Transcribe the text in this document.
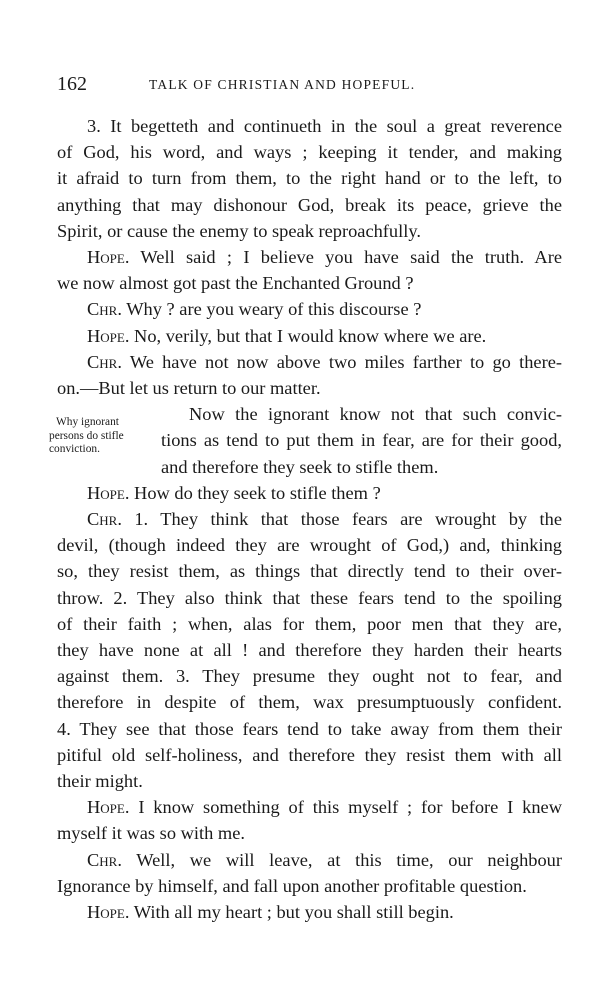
162	TALK OF CHRISTIAN AND HOPEFUL.

3. It begetteth and continueth in the soul a great reverence
of God, his word, and ways ; keeping it tender, and making
it afraid to turn from them, to the right hand or to the left, to
anything that may dishonour God, break its peace, grieve the
Spirit, or cause the enemy to speak reproachfully.

Hope. Well said ; I believe you have said the truth. Are
we now almost got past the Enchanted Ground ?

Chr. Why ? are you weary of this discourse ?

Hope. No, verily, but that I would know where we are.

Chr. We have not now above two miles farther to go there-
on.—But let us return to our matter.

Why ignorant
persons do stifle
conviction.
Now the ignorant know not that such convic-
tions as tend to put them in fear, are for their good,
and therefore they seek to stifle them.

Hope. How do they seek to stifle them ?

Chr. 1. They think that those fears are wrought by the
devil, (though indeed they are wrought of God,) and, thinking
so, they resist them, as things that directly tend to their over-
throw. 2. They also think that these fears tend to the spoiling
of their faith ; when, alas for them, poor men that they are,
they have none at all ! and therefore they harden their hearts
against them. 3. They presume they ought not to fear, and
therefore in despite of them, wax presumptuously confident.
4. They see that those fears tend to take away from them their
pitiful old self-holiness, and therefore they resist them with all
their might.

Hope. I know something of this myself ; for before I knew
myself it was so with me.

Chr. Well, we will leave, at this time, our neighbour
Ignorance by himself, and fall upon another profitable question.

Hope. With all my heart ; but you shall still begin.
